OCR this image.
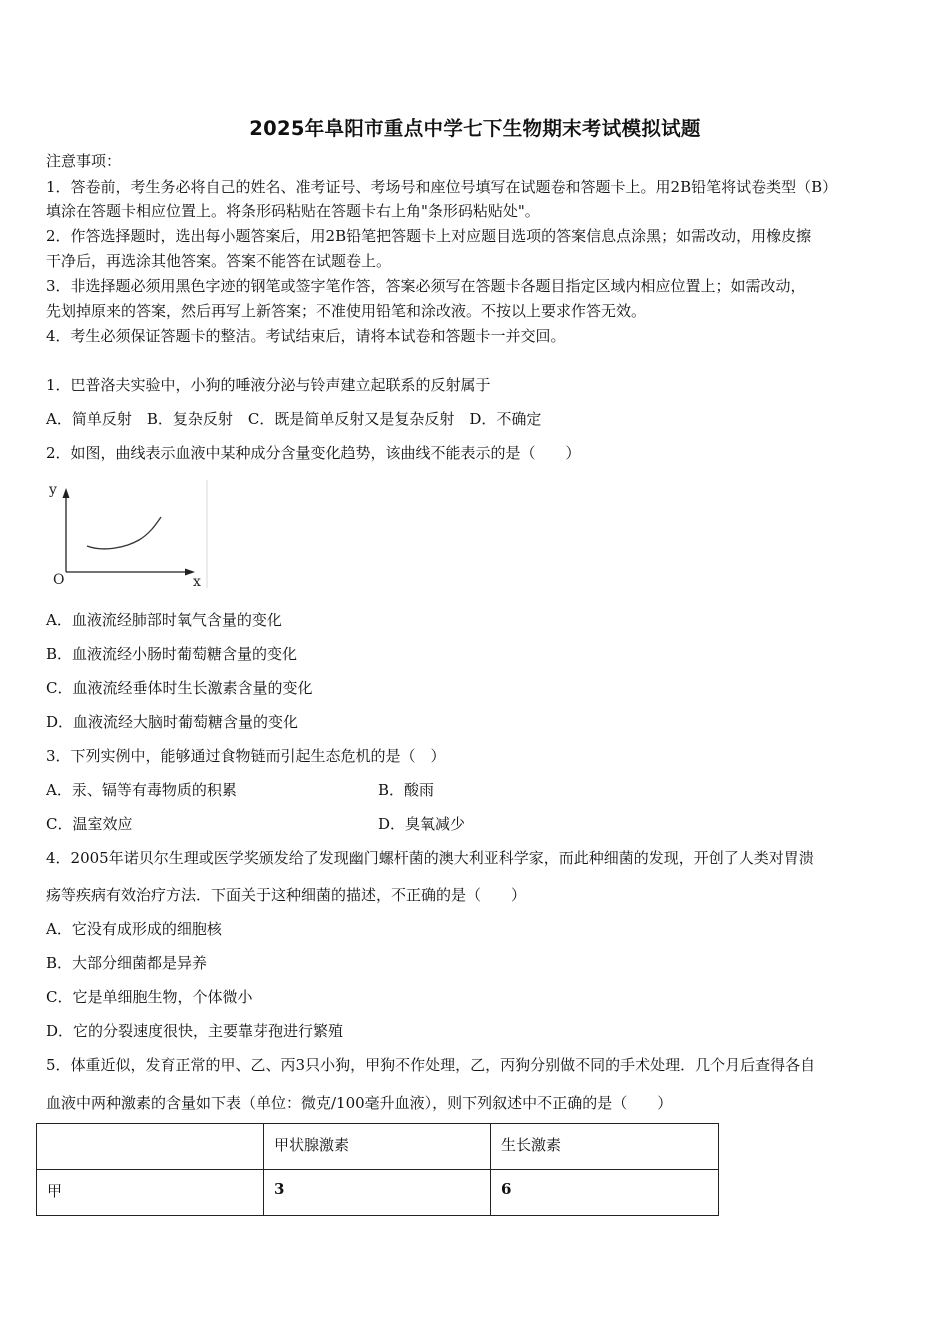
2025年阜阳市重点中学七下生物期末考试模拟试题
注意事项：
1．答卷前，考生务必将自己的姓名、准考证号、考场号和座位号填写在试题卷和答题卡上。用2B铅笔将试卷类型（B）
填涂在答题卡相应位置上。将条形码粘贴在答题卡右上角"条形码粘贴处"。
2．作答选择题时，选出每小题答案后，用2B铅笔把答题卡上对应题目选项的答案信息点涂黑；如需改动，用橡皮擦
干净后，再选涂其他答案。答案不能答在试题卷上。
3．非选择题必须用黑色字迹的钢笔或签字笔作答，答案必须写在答题卡各题目指定区域内相应位置上；如需改动，
先划掉原来的答案，然后再写上新答案；不准使用铅笔和涂改液。不按以上要求作答无效。
4．考生必须保证答题卡的整洁。考试结束后，请将本试卷和答题卡一并交回。
1．巴普洛夫实验中，小狗的唾液分泌与铃声建立起联系的反射属于
A．简单反射　B．复杂反射　C．既是简单反射又是复杂反射　D．不确定
2．如图，曲线表示血液中某种成分含量变化趋势，该曲线不能表示的是（　　）
y
x
O
A．血液流经肺部时氧气含量的变化
B．血液流经小肠时葡萄糖含量的变化
C．血液流经垂体时生长激素含量的变化
D．血液流经大脑时葡萄糖含量的变化
3．下列实例中，能够通过食物链而引起生态危机的是（　）
A．汞、镉等有毒物质的积累	B．酸雨
C．温室效应	D．臭氧减少
4．2005年诺贝尔生理或医学奖颁发给了发现幽门螺杆菌的澳大利亚科学家，而此种细菌的发现，开创了人类对胃溃
疡等疾病有效治疗方法．下面关于这种细菌的描述，不正确的是（　　）
A．它没有成形成的细胞核
B．大部分细菌都是异养
C．它是单细胞生物，个体微小
D．它的分裂速度很快，主要靠芽孢进行繁殖
5．体重近似，发育正常的甲、乙、丙3只小狗，甲狗不作处理，乙，丙狗分别做不同的手术处理．几个月后查得各自
血液中两种激素的含量如下表（单位：微克/100毫升血液），则下列叙述中不正确的是（　　）
	甲状腺激素	生长激素
甲	3	6
